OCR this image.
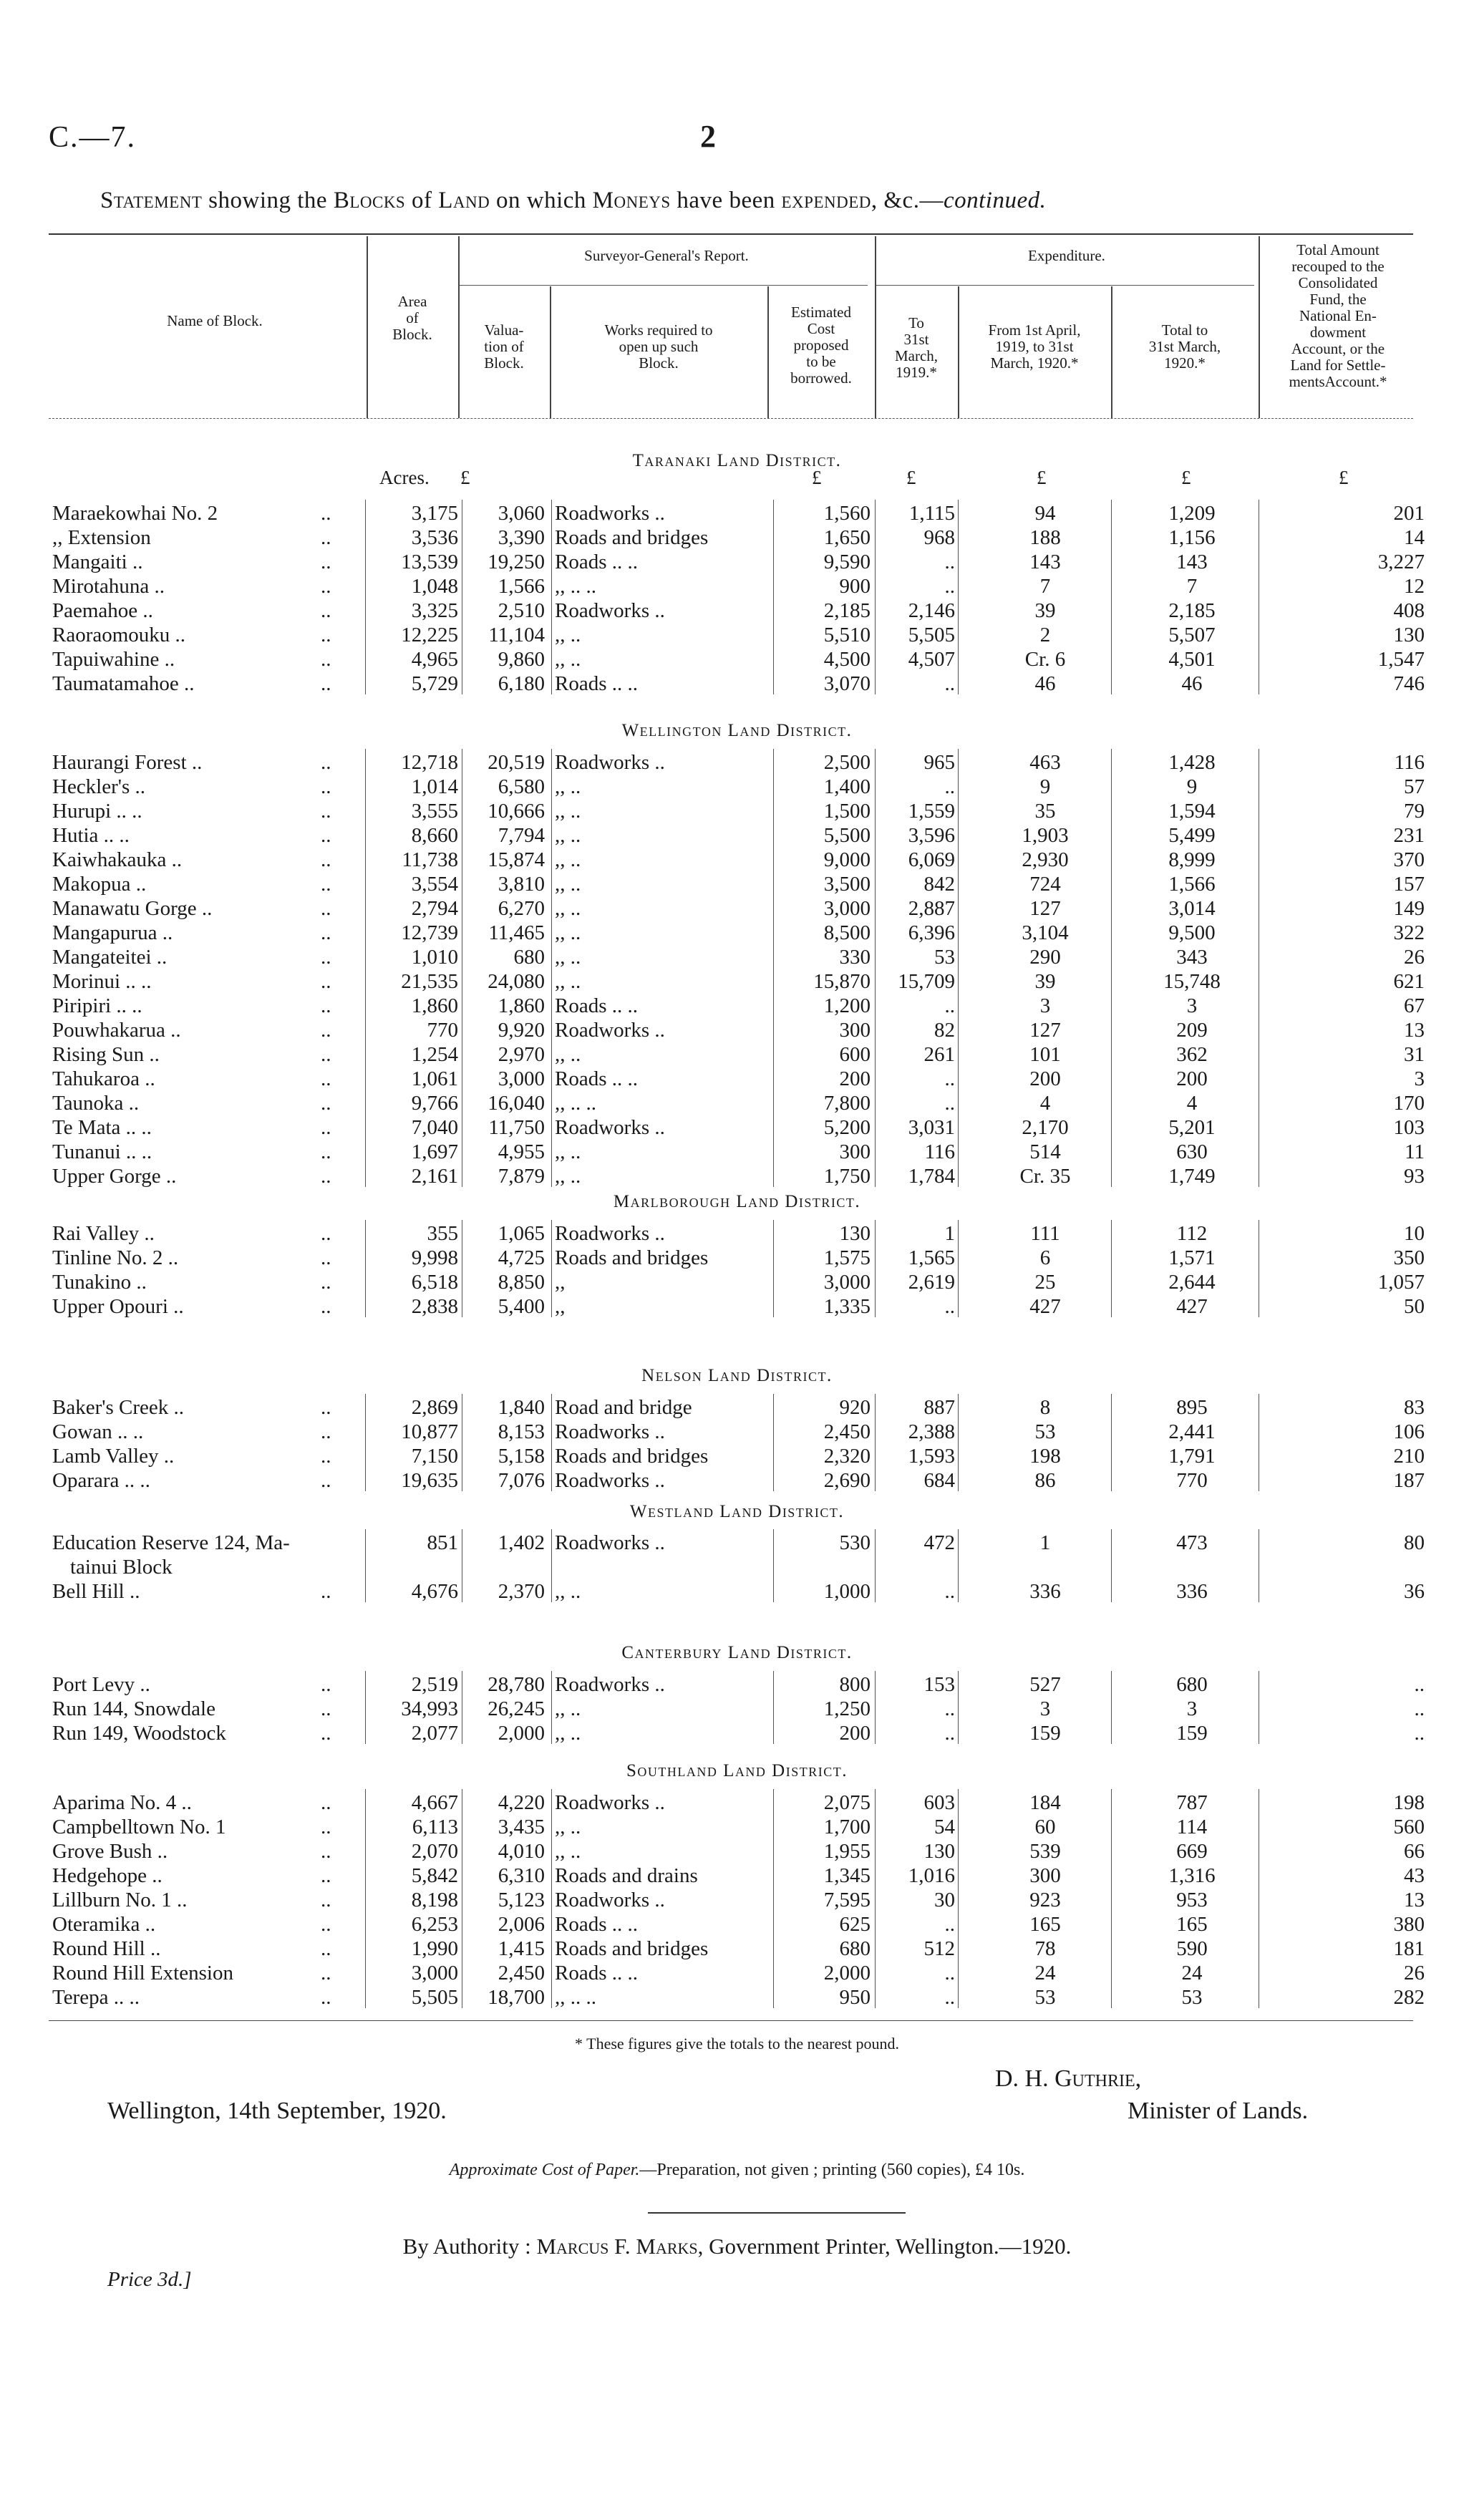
C.—7.	2
Statement showing the Blocks of Land on which Moneys have been expended, &c.—continued.
Name of Block.
Area
of
Block.
Surveyor-General's Report.
Valua-
tion of
Block.
Works required to
open up such
Block.
Estimated
Cost
proposed
to be
borrowed.
Expenditure.
To
31st
March,
1919.*
From 1st April,
1919, to 31st
March, 1920.*
Total to
31st March,
1920.*
Total Amount
recouped to the
Consolidated
Fund, the
National En-
dowment
Account, or the
Land for Settle-
mentsAccount.*
Acres. £	£	£	£	£	£
Taranaki Land District.
Maraekowhai No. 2	..	3,175	3,060 Roadworks ..	1,560	1,115	94	1,209	201
,, Extension	..	3,536	3,390 Roads and bridges	1,650	968	188	1,156	14
Mangaiti ..	..	13,539	19,250 Roads .. ..	9,590	..	143	143	3,227
Mirotahuna ..	..	1,048	1,566 ,, .. ..	900	..	7	7	12
Paemahoe ..	..	3,325	2,510 Roadworks ..	2,185	2,146	39	2,185	408
Raoraomouku ..	..	12,225	11,104 ,, ..	5,510	5,505	2	5,507	130
Tapuiwahine ..	..	4,965	9,860 ,, ..	4,500	4,507	Cr. 6	4,501	1,547
Taumatamahoe ..	..	5,729	6,180 Roads .. ..	3,070	..	46	46	746
Wellington Land District.
Haurangi Forest ..	..	12,718	20,519 Roadworks ..	2,500	965	463	1,428	116
Heckler's ..	..	1,014	6,580 ,, ..	1,400	..	9	9	57
Hurupi .. ..	..	3,555	10,666 ,, ..	1,500	1,559	35	1,594	79
Hutia .. ..	..	8,660	7,794 ,, ..	5,500	3,596	1,903	5,499	231
Kaiwhakauka ..	..	11,738	15,874 ,, ..	9,000	6,069	2,930	8,999	370
Makopua ..	..	3,554	3,810 ,, ..	3,500	842	724	1,566	157
Manawatu Gorge ..	..	2,794	6,270 ,, ..	3,000	2,887	127	3,014	149
Mangapurua ..	..	12,739	11,465 ,, ..	8,500	6,396	3,104	9,500	322
Mangateitei ..	..	1,010	680 ,, ..	330	53	290	343	26
Morinui .. ..	..	21,535	24,080 ,, ..	15,870	15,709	39	15,748	621
Piripiri .. ..	..	1,860	1,860 Roads .. ..	1,200	..	3	3	67
Pouwhakarua ..	..	770	9,920 Roadworks ..	300	82	127	209	13
Rising Sun ..	..	1,254	2,970 ,, ..	600	261	101	362	31
Tahukaroa ..	..	1,061	3,000 Roads .. ..	200	..	200	200	3
Taunoka ..	..	9,766	16,040 ,, .. ..	7,800	..	4	4	170
Te Mata .. ..	..	7,040	11,750 Roadworks ..	5,200	3,031	2,170	5,201	103
Tunanui .. ..	..	1,697	4,955 ,, ..	300	116	514	630	11
Upper Gorge ..	..	2,161	7,879 ,, ..	1,750	1,784	Cr. 35	1,749	93
Marlborough Land District.
Rai Valley ..	..	355	1,065 Roadworks ..	130	1	111	112	10
Tinline No. 2 ..	..	9,998	4,725 Roads and bridges	1,575	1,565	6	1,571	350
Tunakino ..	..	6,518	8,850 ,,	3,000	2,619	25	2,644	1,057
Upper Opouri ..	..	2,838	5,400 ,,	1,335	..	427	427	50
Nelson Land District.
Baker's Creek ..	..	2,869	1,840 Road and bridge	920	887	8	895	83
Gowan .. ..	..	10,877	8,153 Roadworks ..	2,450	2,388	53	2,441	106
Lamb Valley ..	..	7,150	5,158 Roads and bridges	2,320	1,593	198	1,791	210
Oparara .. ..	..	19,635	7,076 Roadworks ..	2,690	684	86	770	187
Westland Land District.
Education Reserve 124, Ma-	851	1,402 Roadworks ..	530	472	1	473	80
tainui Block
Bell Hill ..	..	4,676	2,370 ,, ..	1,000	..	336	336	36
Canterbury Land District.
Port Levy ..	..	2,519	28,780 Roadworks ..	800	153	527	680	..
Run 144, Snowdale	..	34,993	26,245 ,, ..	1,250	..	3	3	..
Run 149, Woodstock	..	2,077	2,000 ,, ..	200	..	159	159	..
Southland Land District.
Aparima No. 4 ..	..	4,667	4,220 Roadworks ..	2,075	603	184	787	198
Campbelltown No. 1	..	6,113	3,435 ,, ..	1,700	54	60	114	560
Grove Bush ..	..	2,070	4,010 ,, ..	1,955	130	539	669	66
Hedgehope ..	..	5,842	6,310 Roads and drains	1,345	1,016	300	1,316	43
Lillburn No. 1 ..	..	8,198	5,123 Roadworks ..	7,595	30	923	953	13
Oteramika ..	..	6,253	2,006 Roads .. ..	625	..	165	165	380
Round Hill ..	..	1,990	1,415 Roads and bridges	680	512	78	590	181
Round Hill Extension	..	3,000	2,450 Roads .. ..	2,000	..	24	24	26
Terepa .. ..	..	5,505	18,700 ,, .. ..	950	..	53	53	282
* These figures give the totals to the nearest pound.
D. H. Guthrie,
Minister of Lands.
Wellington, 14th September, 1920.
Approximate Cost of Paper.—Preparation, not given ; printing (560 copies), £4 10s.
By Authority : Marcus F. Marks, Government Printer, Wellington.—1920.
Price 3d.]
